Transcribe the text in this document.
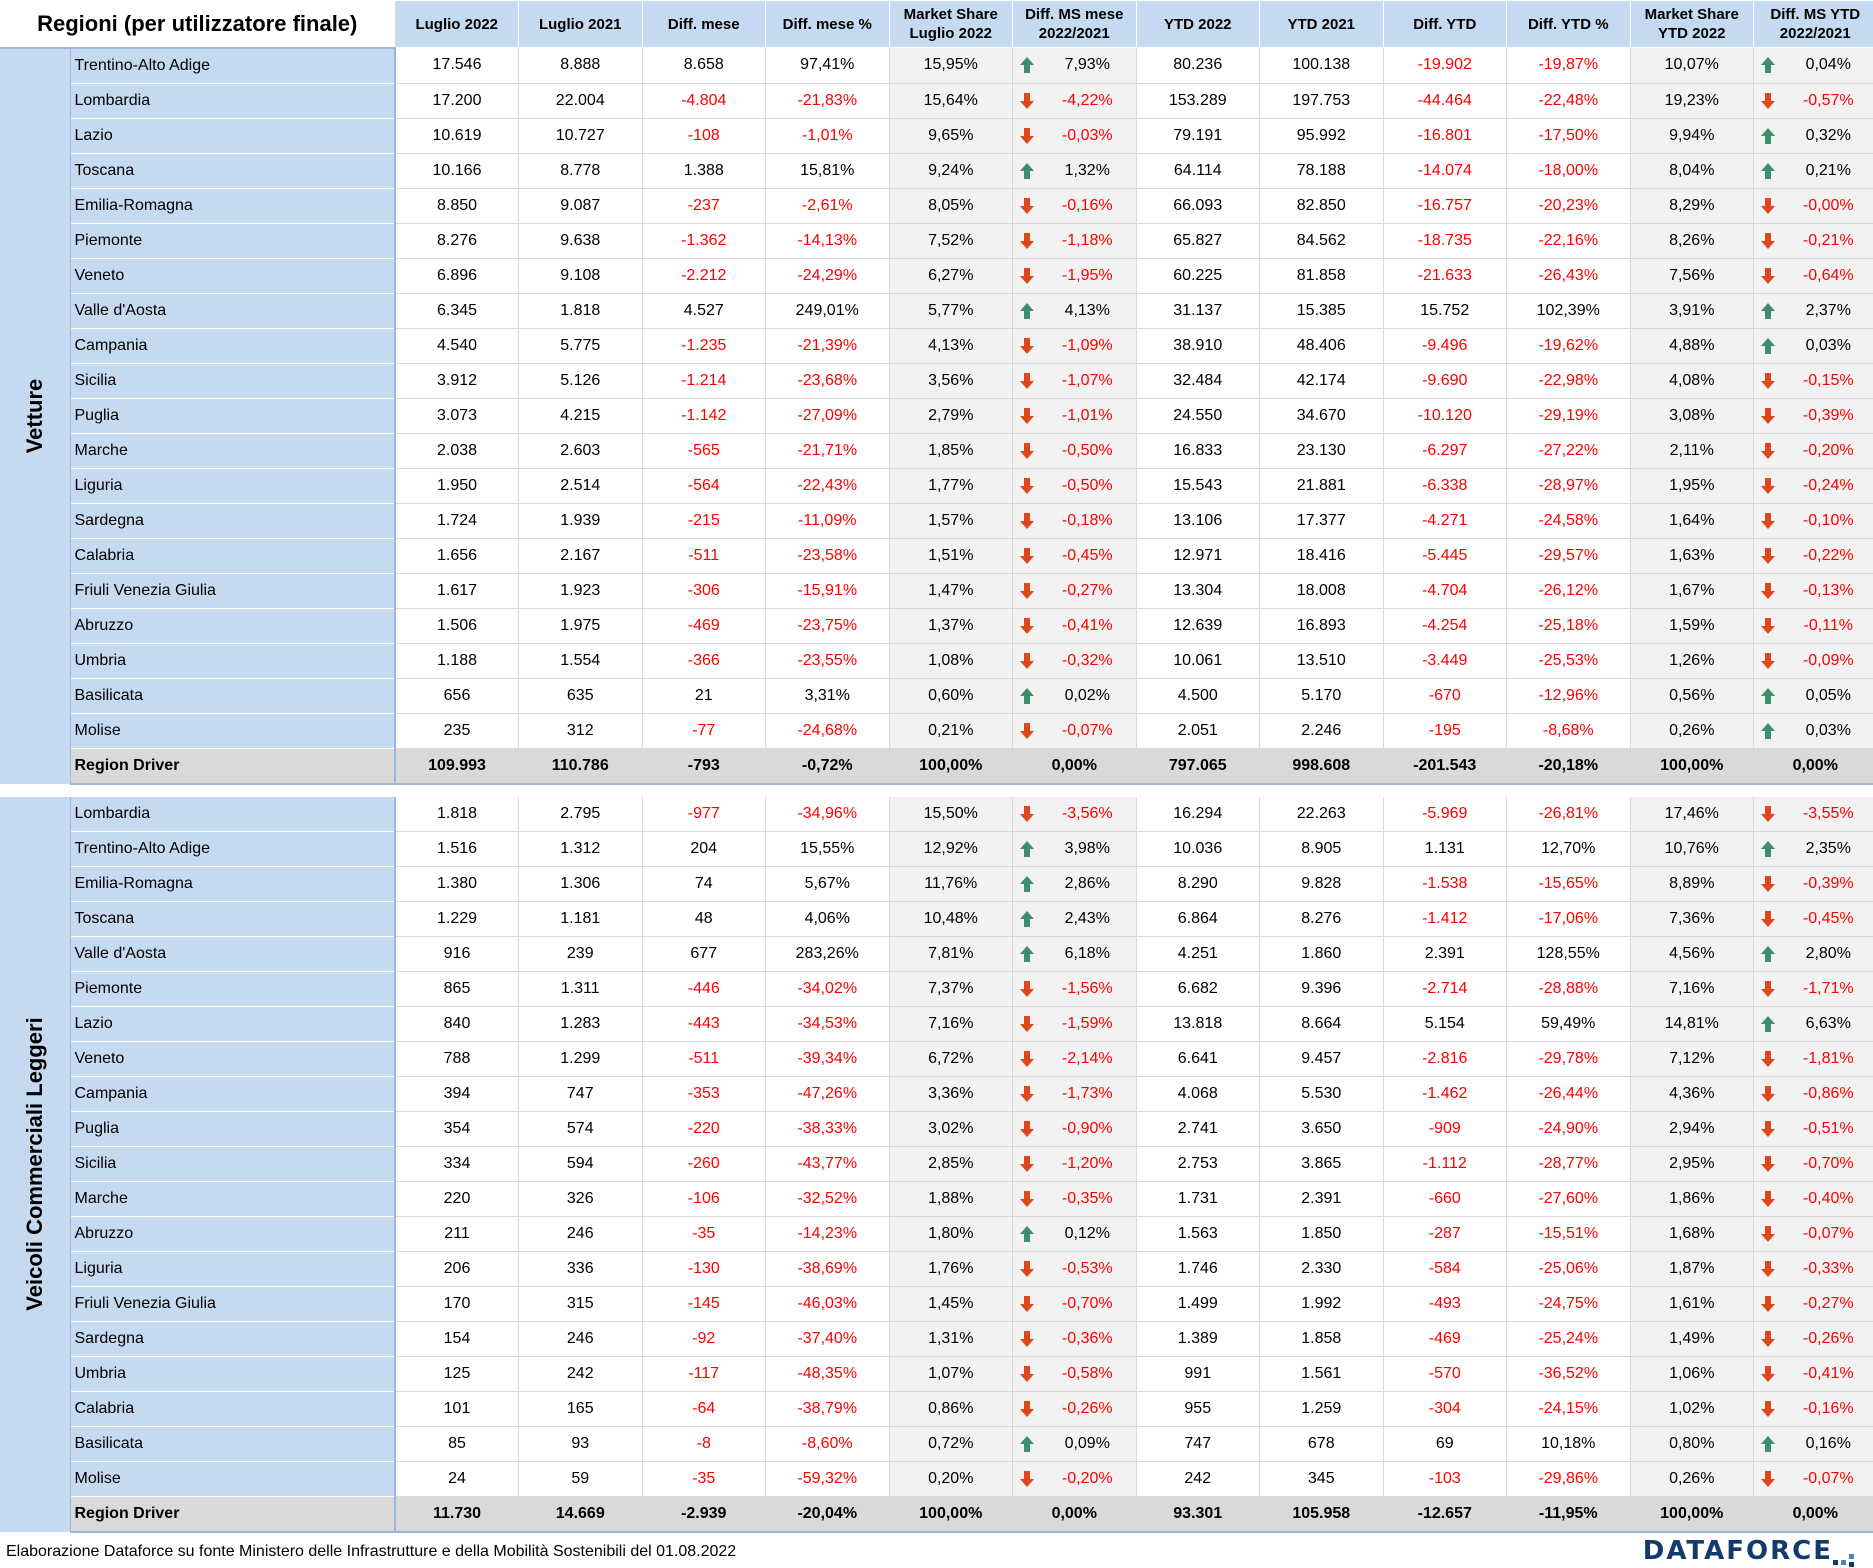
Regioni (per utilizzatore finale)		Luglio 2022	Luglio 2021	Diff. mese	Diff. mese %	Market Share Luglio 2022	Diff. MS mese 2022/2021	YTD 2022	YTD 2021	Diff. YTD	Diff. YTD %	Market Share YTD 2022	Diff. MS YTD 2022/2021

Vetture	Trentino-Alto Adige	17.546	8.888	8.658	97,41%	15,95%	7,93%	80.236	100.138	-19.902	-19,87%	10,07%	0,04%
	Lombardia	17.200	22.004	-4.804	-21,83%	15,64%	-4,22%	153.289	197.753	-44.464	-22,48%	19,23%	-0,57%
	Lazio	10.619	10.727	-108	-1,01%	9,65%	-0,03%	79.191	95.992	-16.801	-17,50%	9,94%	0,32%
	Toscana	10.166	8.778	1.388	15,81%	9,24%	1,32%	64.114	78.188	-14.074	-18,00%	8,04%	0,21%
	Emilia-Romagna	8.850	9.087	-237	-2,61%	8,05%	-0,16%	66.093	82.850	-16.757	-20,23%	8,29%	-0,00%
	Piemonte	8.276	9.638	-1.362	-14,13%	7,52%	-1,18%	65.827	84.562	-18.735	-22,16%	8,26%	-0,21%
	Veneto	6.896	9.108	-2.212	-24,29%	6,27%	-1,95%	60.225	81.858	-21.633	-26,43%	7,56%	-0,64%
	Valle d'Aosta	6.345	1.818	4.527	249,01%	5,77%	4,13%	31.137	15.385	15.752	102,39%	3,91%	2,37%
	Campania	4.540	5.775	-1.235	-21,39%	4,13%	-1,09%	38.910	48.406	-9.496	-19,62%	4,88%	0,03%
	Sicilia	3.912	5.126	-1.214	-23,68%	3,56%	-1,07%	32.484	42.174	-9.690	-22,98%	4,08%	-0,15%
	Puglia	3.073	4.215	-1.142	-27,09%	2,79%	-1,01%	24.550	34.670	-10.120	-29,19%	3,08%	-0,39%
	Marche	2.038	2.603	-565	-21,71%	1,85%	-0,50%	16.833	23.130	-6.297	-27,22%	2,11%	-0,20%
	Liguria	1.950	2.514	-564	-22,43%	1,77%	-0,50%	15.543	21.881	-6.338	-28,97%	1,95%	-0,24%
	Sardegna	1.724	1.939	-215	-11,09%	1,57%	-0,18%	13.106	17.377	-4.271	-24,58%	1,64%	-0,10%
	Calabria	1.656	2.167	-511	-23,58%	1,51%	-0,45%	12.971	18.416	-5.445	-29,57%	1,63%	-0,22%
	Friuli Venezia Giulia	1.617	1.923	-306	-15,91%	1,47%	-0,27%	13.304	18.008	-4.704	-26,12%	1,67%	-0,13%
	Abruzzo	1.506	1.975	-469	-23,75%	1,37%	-0,41%	12.639	16.893	-4.254	-25,18%	1,59%	-0,11%
	Umbria	1.188	1.554	-366	-23,55%	1,08%	-0,32%	10.061	13.510	-3.449	-25,53%	1,26%	-0,09%
	Basilicata	656	635	21	3,31%	0,60%	0,02%	4.500	5.170	-670	-12,96%	0,56%	0,05%
	Molise	235	312	-77	-24,68%	0,21%	-0,07%	2.051	2.246	-195	-8,68%	0,26%	0,03%
	Region Driver	109.993	110.786	-793	-0,72%	100,00%	0,00%	797.065	998.608	-201.543	-20,18%	100,00%	0,00%

Veicoli Commerciali Leggeri	Lombardia	1.818	2.795	-977	-34,96%	15,50%	-3,56%	16.294	22.263	-5.969	-26,81%	17,46%	-3,55%
	Trentino-Alto Adige	1.516	1.312	204	15,55%	12,92%	3,98%	10.036	8.905	1.131	12,70%	10,76%	2,35%
	Emilia-Romagna	1.380	1.306	74	5,67%	11,76%	2,86%	8.290	9.828	-1.538	-15,65%	8,89%	-0,39%
	Toscana	1.229	1.181	48	4,06%	10,48%	2,43%	6.864	8.276	-1.412	-17,06%	7,36%	-0,45%
	Valle d'Aosta	916	239	677	283,26%	7,81%	6,18%	4.251	1.860	2.391	128,55%	4,56%	2,80%
	Piemonte	865	1.311	-446	-34,02%	7,37%	-1,56%	6.682	9.396	-2.714	-28,88%	7,16%	-1,71%
	Lazio	840	1.283	-443	-34,53%	7,16%	-1,59%	13.818	8.664	5.154	59,49%	14,81%	6,63%
	Veneto	788	1.299	-511	-39,34%	6,72%	-2,14%	6.641	9.457	-2.816	-29,78%	7,12%	-1,81%
	Campania	394	747	-353	-47,26%	3,36%	-1,73%	4.068	5.530	-1.462	-26,44%	4,36%	-0,86%
	Puglia	354	574	-220	-38,33%	3,02%	-0,90%	2.741	3.650	-909	-24,90%	2,94%	-0,51%
	Sicilia	334	594	-260	-43,77%	2,85%	-1,20%	2.753	3.865	-1.112	-28,77%	2,95%	-0,70%
	Marche	220	326	-106	-32,52%	1,88%	-0,35%	1.731	2.391	-660	-27,60%	1,86%	-0,40%
	Abruzzo	211	246	-35	-14,23%	1,80%	0,12%	1.563	1.850	-287	-15,51%	1,68%	-0,07%
	Liguria	206	336	-130	-38,69%	1,76%	-0,53%	1.746	2.330	-584	-25,06%	1,87%	-0,33%
	Friuli Venezia Giulia	170	315	-145	-46,03%	1,45%	-0,70%	1.499	1.992	-493	-24,75%	1,61%	-0,27%
	Sardegna	154	246	-92	-37,40%	1,31%	-0,36%	1.389	1.858	-469	-25,24%	1,49%	-0,26%
	Umbria	125	242	-117	-48,35%	1,07%	-0,58%	991	1.561	-570	-36,52%	1,06%	-0,41%
	Calabria	101	165	-64	-38,79%	0,86%	-0,26%	955	1.259	-304	-24,15%	1,02%	-0,16%
	Basilicata	85	93	-8	-8,60%	0,72%	0,09%	747	678	69	10,18%	0,80%	0,16%
	Molise	24	59	-35	-59,32%	0,20%	-0,20%	242	345	-103	-29,86%	0,26%	-0,07%
	Region Driver	11.730	14.669	-2.939	-20,04%	100,00%	0,00%	93.301	105.958	-12.657	-11,95%	100,00%	0,00%
Elaborazione Dataforce su fonte Ministero delle Infrastrutture e della Mobilità Sostenibili del 01.08.2022	DATAFORCE
